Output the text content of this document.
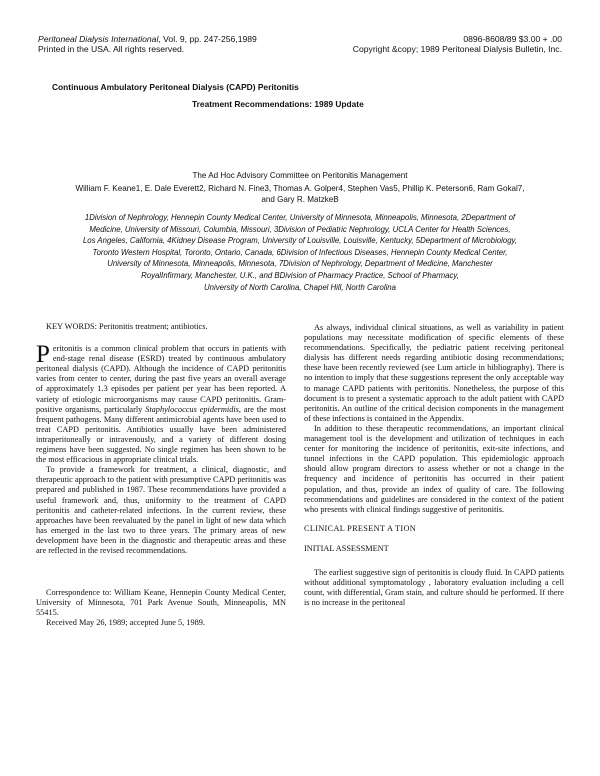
Peritoneal Dialysis International, Vol. 9, pp. 247-256,1989
Printed in the USA. All rights reserved.
0896-8608/89 $3.00 + .00
Copyright &copy; 1989 Peritoneal Dialysis Bulletin, Inc.
Continuous Ambulatory Peritoneal Dialysis (CAPD) Peritonitis
Treatment Recommendations: 1989 Update
The Ad Hoc Advisory Committee on Peritonitis Management
William F. Keane1, E. Dale Everett2, Richard N. Fine3, Thomas A. Golper4, Stephen Vas5, Phillip K. Peterson6, Ram Gokal7,
and Gary R. MatzkeB
1Division of Nephrology, Hennepin County Medical Center, University of Minnesota, Minneapolis, Minnesota, 2Department of
Medicine, University of Missouri, Columbia, Missouri, 3Division of Pediatric Nephrology, UCLA Center for Health Sciences,
Los Angeles, California, 4Kidney Disease Program, University of Louisville, Louisville, Kentucky, 5Department of Microbiology,
Toronto Western Hospital, Toronto, Ontario, Canada, 6Division of Infectious Diseases, Hennepin County Medical Center,
University of Minnesota, Minneapolis, Minnesota, 7Division of Nephrology, Department of Medicine, Manchester
RoyalInfirmary, Manchester, U.K., and BDivision of Pharmacy Practice, School of Pharmacy,
University of North Carolina, Chapel Hill, North Carolina

KEY WORDS: Peritonitis treatment; antibiotics.

Peritonitis is a common clinical problem that occurs in patients with end-stage renal disease (ESRD) treated by continuous ambulatory peritoneal dialysis (CAPD). Although the incidence of CAPD peritonitis varies from center to center, during the past five years an overall average of approximately 1.3 episodes per patient per year has been reported. A variety of etiologic microorganisms may cause CAPD peritonitis. Gram-positive organisms, particularly Staphylococcus epidermidis, are the most frequent pathogens. Many different antimicrobial agents have been used to treat CAPD peritonitis. Antibiotics usually have been administered intraperitoneally or intravenously, and a variety of different dosing regimens have been suggested. No single regimen has been shown to be the most efficacious in appropriate clinical trials.

To provide a framework for treatment, a clinical, diagnostic, and therapeutic approach to the patient with presumptive CAPD peritonitis was prepared and published in 1987. These recommendations have provided a useful framework and, thus, uniformity to the treatment of CAPD peritonitis and catheter-related infections. In the current review, these approaches have been reevaluated by the panel in light of new data which has emerged in the last two to three years. The primary areas of new development have been in the diagnostic and therapeutic areas and these are reflected in the revised recommendations.

Correspondence to: William Keane, Hennepin County Medical Center, University of Minnesota, 701 Park Avenue South, Minneapolis, MN 55415.

Received May 26, 1989; accepted June 5, 1989.

As always, individual clinical situations, as well as variability in patient populations may necessitate modification of specific elements of these recommendations. Specifically, the pediatric patient receiving peritoneal dialysis has different needs regarding antibiotic dosing recommendations; these have been recently reviewed (see Lum article in bibliography). There is no intention to imply that these suggestions represent the only acceptable way to manage CAPD patients with peritonitis. Nonetheless, the purpose of this document is to present a systematic approach to the adult patient with CAPD peritonitis. An outline of the critical decision components in the management of these infections is contained in the Appendix.

In addition to these therapeutic recommendations, an important clinical management tool is the development and utilization of techniques in each center for monitoring the incidence of peritonitis, exit-site infections, and tunnel infections in the CAPD population. This epidemiologic approach should allow program directors to assess whether or not a change in the frequency and incidence of peritonitis has occurred in their patient population, and thus, provide an index of quality of care. The following recommendations and guidelines are considered in the context of the patient who presents with clinical findings suggestive of peritonitis.

CLINICAL PRESENT A TION

INITIAL ASSESSMENT

The earliest suggestive sign of peritonitis is cloudy fluid. In CAPD patients without additional symptomatology , laboratory evaluation including a cell count, with differential, Gram stain, and culture should be performed. If there is no increase in the peritoneal
